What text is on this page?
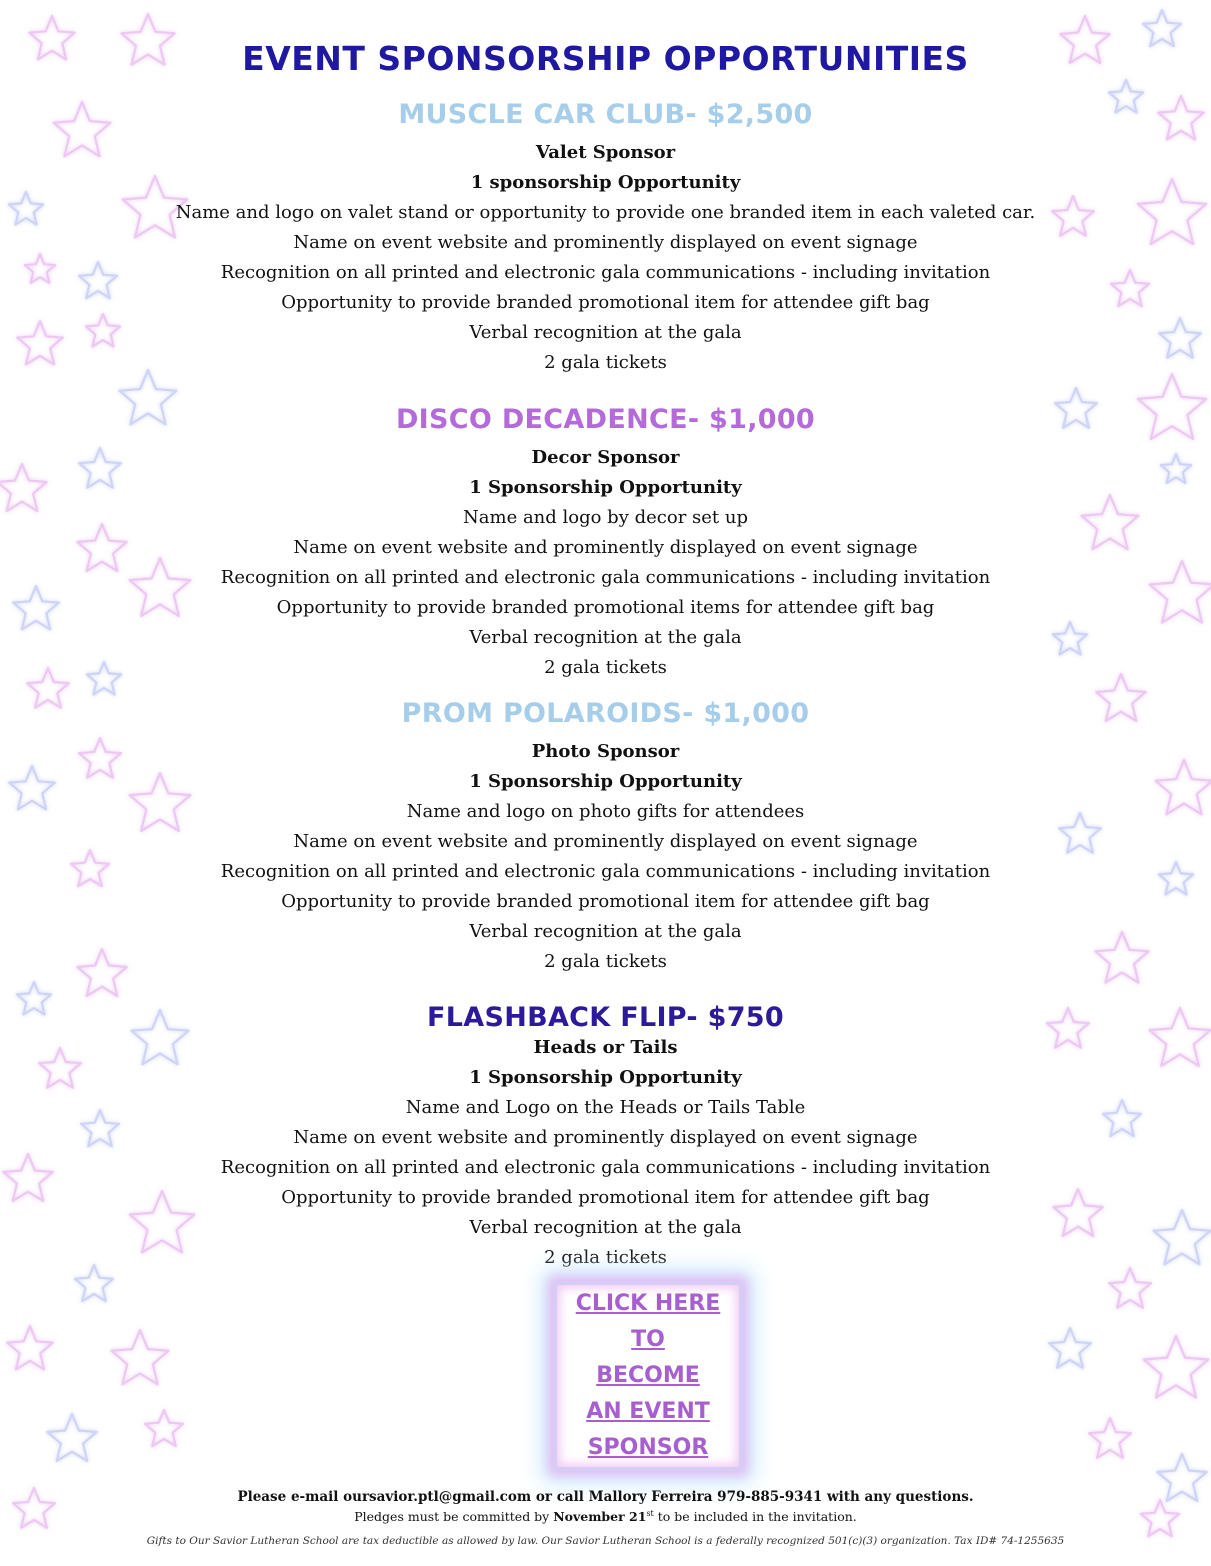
EVENT SPONSORSHIP OPPORTUNITIES
MUSCLE CAR CLUB- $2,500

Valet Sponsor

1 sponsorship Opportunity

Name and logo on valet stand or opportunity to provide one branded item in each valeted car.

Name on event website and prominently displayed on event signage

Recognition on all printed and electronic gala communications - including invitation

Opportunity to provide branded promotional item for attendee gift bag

Verbal recognition at the gala

2 gala tickets

DISCO DECADENCE- $1,000

Decor Sponsor

1 Sponsorship Opportunity

Name and logo by decor set up

Name on event website and prominently displayed on event signage

Recognition on all printed and electronic gala communications - including invitation

Opportunity to provide branded promotional items for attendee gift bag

Verbal recognition at the gala

2 gala tickets

PROM POLAROIDS- $1,000

Photo Sponsor

1 Sponsorship Opportunity

Name and logo on photo gifts for attendees

Name on event website and prominently displayed on event signage

Recognition on all printed and electronic gala communications - including invitation

Opportunity to provide branded promotional item for attendee gift bag

Verbal recognition at the gala

2 gala tickets

FLASHBACK FLIP- $750

Heads or Tails

1 Sponsorship Opportunity

Name and Logo on the Heads or Tails Table

Name on event website and prominently displayed on event signage

Recognition on all printed and electronic gala communications - including invitation

Opportunity to provide branded promotional item for attendee gift bag

Verbal recognition at the gala

2 gala tickets

CLICK HERE TO
BECOME
AN EVENT
SPONSOR
Please e-mail oursavior.ptl@gmail.com or call Mallory Ferreira 979-885-9341 with any questions.
Pledges must be committed by November 21st to be included in the invitation.
Gifts to Our Savior Lutheran School are tax deductible as allowed by law. Our Savior Lutheran School is a federally recognized 501(c)(3) organization. Tax ID# 74-1255635
